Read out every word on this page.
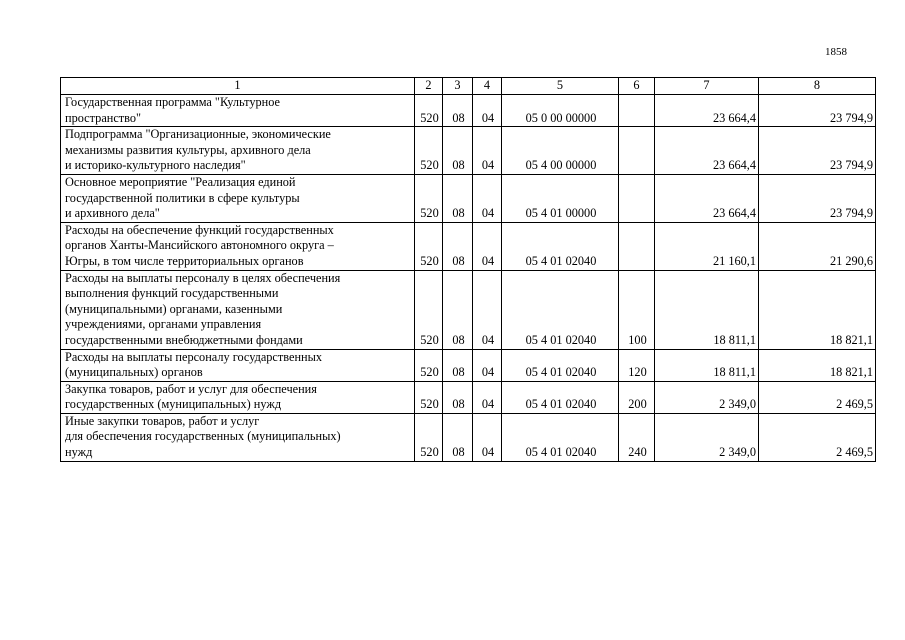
1858
1	2	3	4	5	6	7	8
Государственная программа "Культурное
пространство"	520	08	04	05 0 00 00000		23 664,4	23 794,9
Подпрограмма "Организационные, экономические
механизмы развития культуры, архивного дела
и историко-культурного наследия"	520	08	04	05 4 00 00000		23 664,4	23 794,9
Основное мероприятие "Реализация единой
государственной политики в сфере культуры
и архивного дела"	520	08	04	05 4 01 00000		23 664,4	23 794,9
Расходы на обеспечение функций государственных
органов Ханты-Мансийского автономного округа –
Югры, в том числе территориальных органов	520	08	04	05 4 01 02040		21 160,1	21 290,6
Расходы на выплаты персоналу в целях обеспечения
выполнения функций государственными
(муниципальными) органами, казенными
учреждениями, органами управления
государственными внебюджетными фондами	520	08	04	05 4 01 02040	100	18 811,1	18 821,1
Расходы на выплаты персоналу государственных
(муниципальных) органов	520	08	04	05 4 01 02040	120	18 811,1	18 821,1
Закупка товаров, работ и услуг для обеспечения
государственных (муниципальных) нужд	520	08	04	05 4 01 02040	200	2 349,0	2 469,5
Иные закупки товаров, работ и услуг
для обеспечения государственных (муниципальных)
нужд	520	08	04	05 4 01 02040	240	2 349,0	2 469,5
